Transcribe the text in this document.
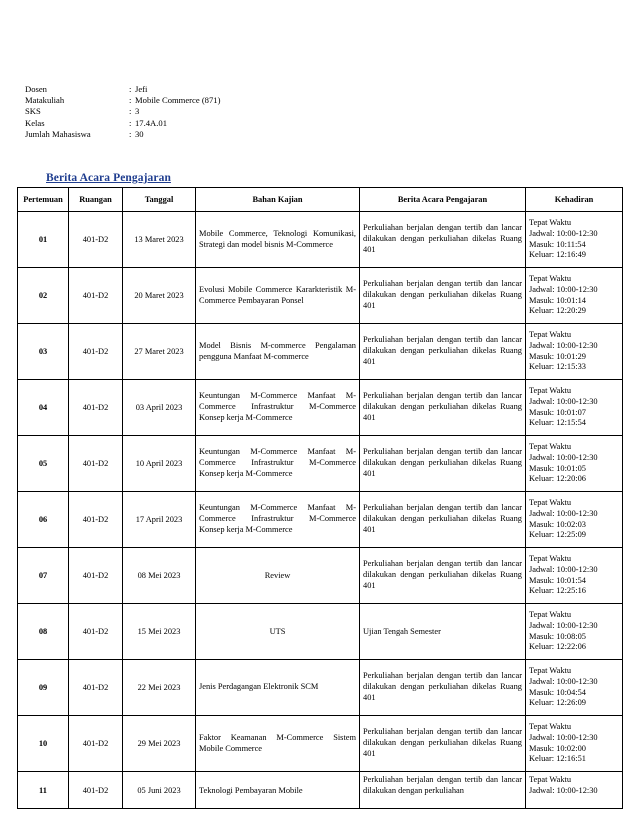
Dosen	: Jefi
Matakuliah	: Mobile Commerce (871)
SKS	: 3
Kelas	: 17.4A.01
Jumlah Mahasiswa	: 30
Berita Acara Pengajaran
Pertemuan	Ruangan	Tanggal	Bahan Kajian	Berita Acara Pengajaran	Kehadiran
01	401-D2	13 Maret 2023	Mobile Commerce, Teknologi Komunikasi, Strategi dan model bisnis M-Commerce	Perkuliahan berjalan dengan tertib dan lancar dilakukan dengan perkuliahan dikelas Ruang 401	Tepat Waktu
Jadwal: 10:00-12:30
Masuk: 10:11:54
Keluar: 12:16:49

02	401-D2	20 Maret 2023	Evolusi Mobile Commerce Kararkteristik M-Commerce Pembayaran Ponsel	Perkuliahan berjalan dengan tertib dan lancar dilakukan dengan perkuliahan dikelas Ruang 401	Tepat Waktu
Jadwal: 10:00-12:30
Masuk: 10:01:14
Keluar: 12:20:29

03	401-D2	27 Maret 2023	Model Bisnis M-commerce Pengalaman pengguna Manfaat M-commerce	Perkuliahan berjalan dengan tertib dan lancar dilakukan dengan perkuliahan dikelas Ruang 401	Tepat Waktu
Jadwal: 10:00-12:30
Masuk: 10:01:29
Keluar: 12:15:33

04	401-D2	03 April 2023	Keuntungan M-Commerce Manfaat M-Commerce Infrastruktur M-Commerce Konsep kerja M-Commerce	Perkuliahan berjalan dengan tertib dan lancar dilakukan dengan perkuliahan dikelas Ruang 401	Tepat Waktu
Jadwal: 10:00-12:30
Masuk: 10:01:07
Keluar: 12:15:54

05	401-D2	10 April 2023	Keuntungan M-Commerce Manfaat M-Commerce Infrastruktur M-Commerce Konsep kerja M-Commerce	Perkuliahan berjalan dengan tertib dan lancar dilakukan dengan perkuliahan dikelas Ruang 401	Tepat Waktu
Jadwal: 10:00-12:30
Masuk: 10:01:05
Keluar: 12:20:06

06	401-D2	17 April 2023	Keuntungan M-Commerce Manfaat M-Commerce Infrastruktur M-Commerce Konsep kerja M-Commerce	Perkuliahan berjalan dengan tertib dan lancar dilakukan dengan perkuliahan dikelas Ruang 401	Tepat Waktu
Jadwal: 10:00-12:30
Masuk: 10:02:03
Keluar: 12:25:09

07	401-D2	08 Mei 2023	Review	Perkuliahan berjalan dengan tertib dan lancar dilakukan dengan perkuliahan dikelas Ruang 401	Tepat Waktu
Jadwal: 10:00-12:30
Masuk: 10:01:54
Keluar: 12:25:16

08	401-D2	15 Mei 2023	UTS	Ujian Tengah Semester	Tepat Waktu
Jadwal: 10:00-12:30
Masuk: 10:08:05
Keluar: 12:22:06

09	401-D2	22 Mei 2023	Jenis Perdagangan Elektronik SCM	Perkuliahan berjalan dengan tertib dan lancar dilakukan dengan perkuliahan dikelas Ruang 401	Tepat Waktu
Jadwal: 10:00-12:30
Masuk: 10:04:54
Keluar: 12:26:09

10	401-D2	29 Mei 2023	Faktor Keamanan M-Commerce Sistem Mobile Commerce	Perkuliahan berjalan dengan tertib dan lancar dilakukan dengan perkuliahan dikelas Ruang 401	Tepat Waktu
Jadwal: 10:00-12:30
Masuk: 10:02:00
Keluar: 12:16:51

11	401-D2	05 Juni 2023	Teknologi Pembayaran Mobile	Perkuliahan berjalan dengan tertib dan lancar dilakukan dengan perkuliahan	Tepat Waktu
Jadwal: 10:00-12:30
